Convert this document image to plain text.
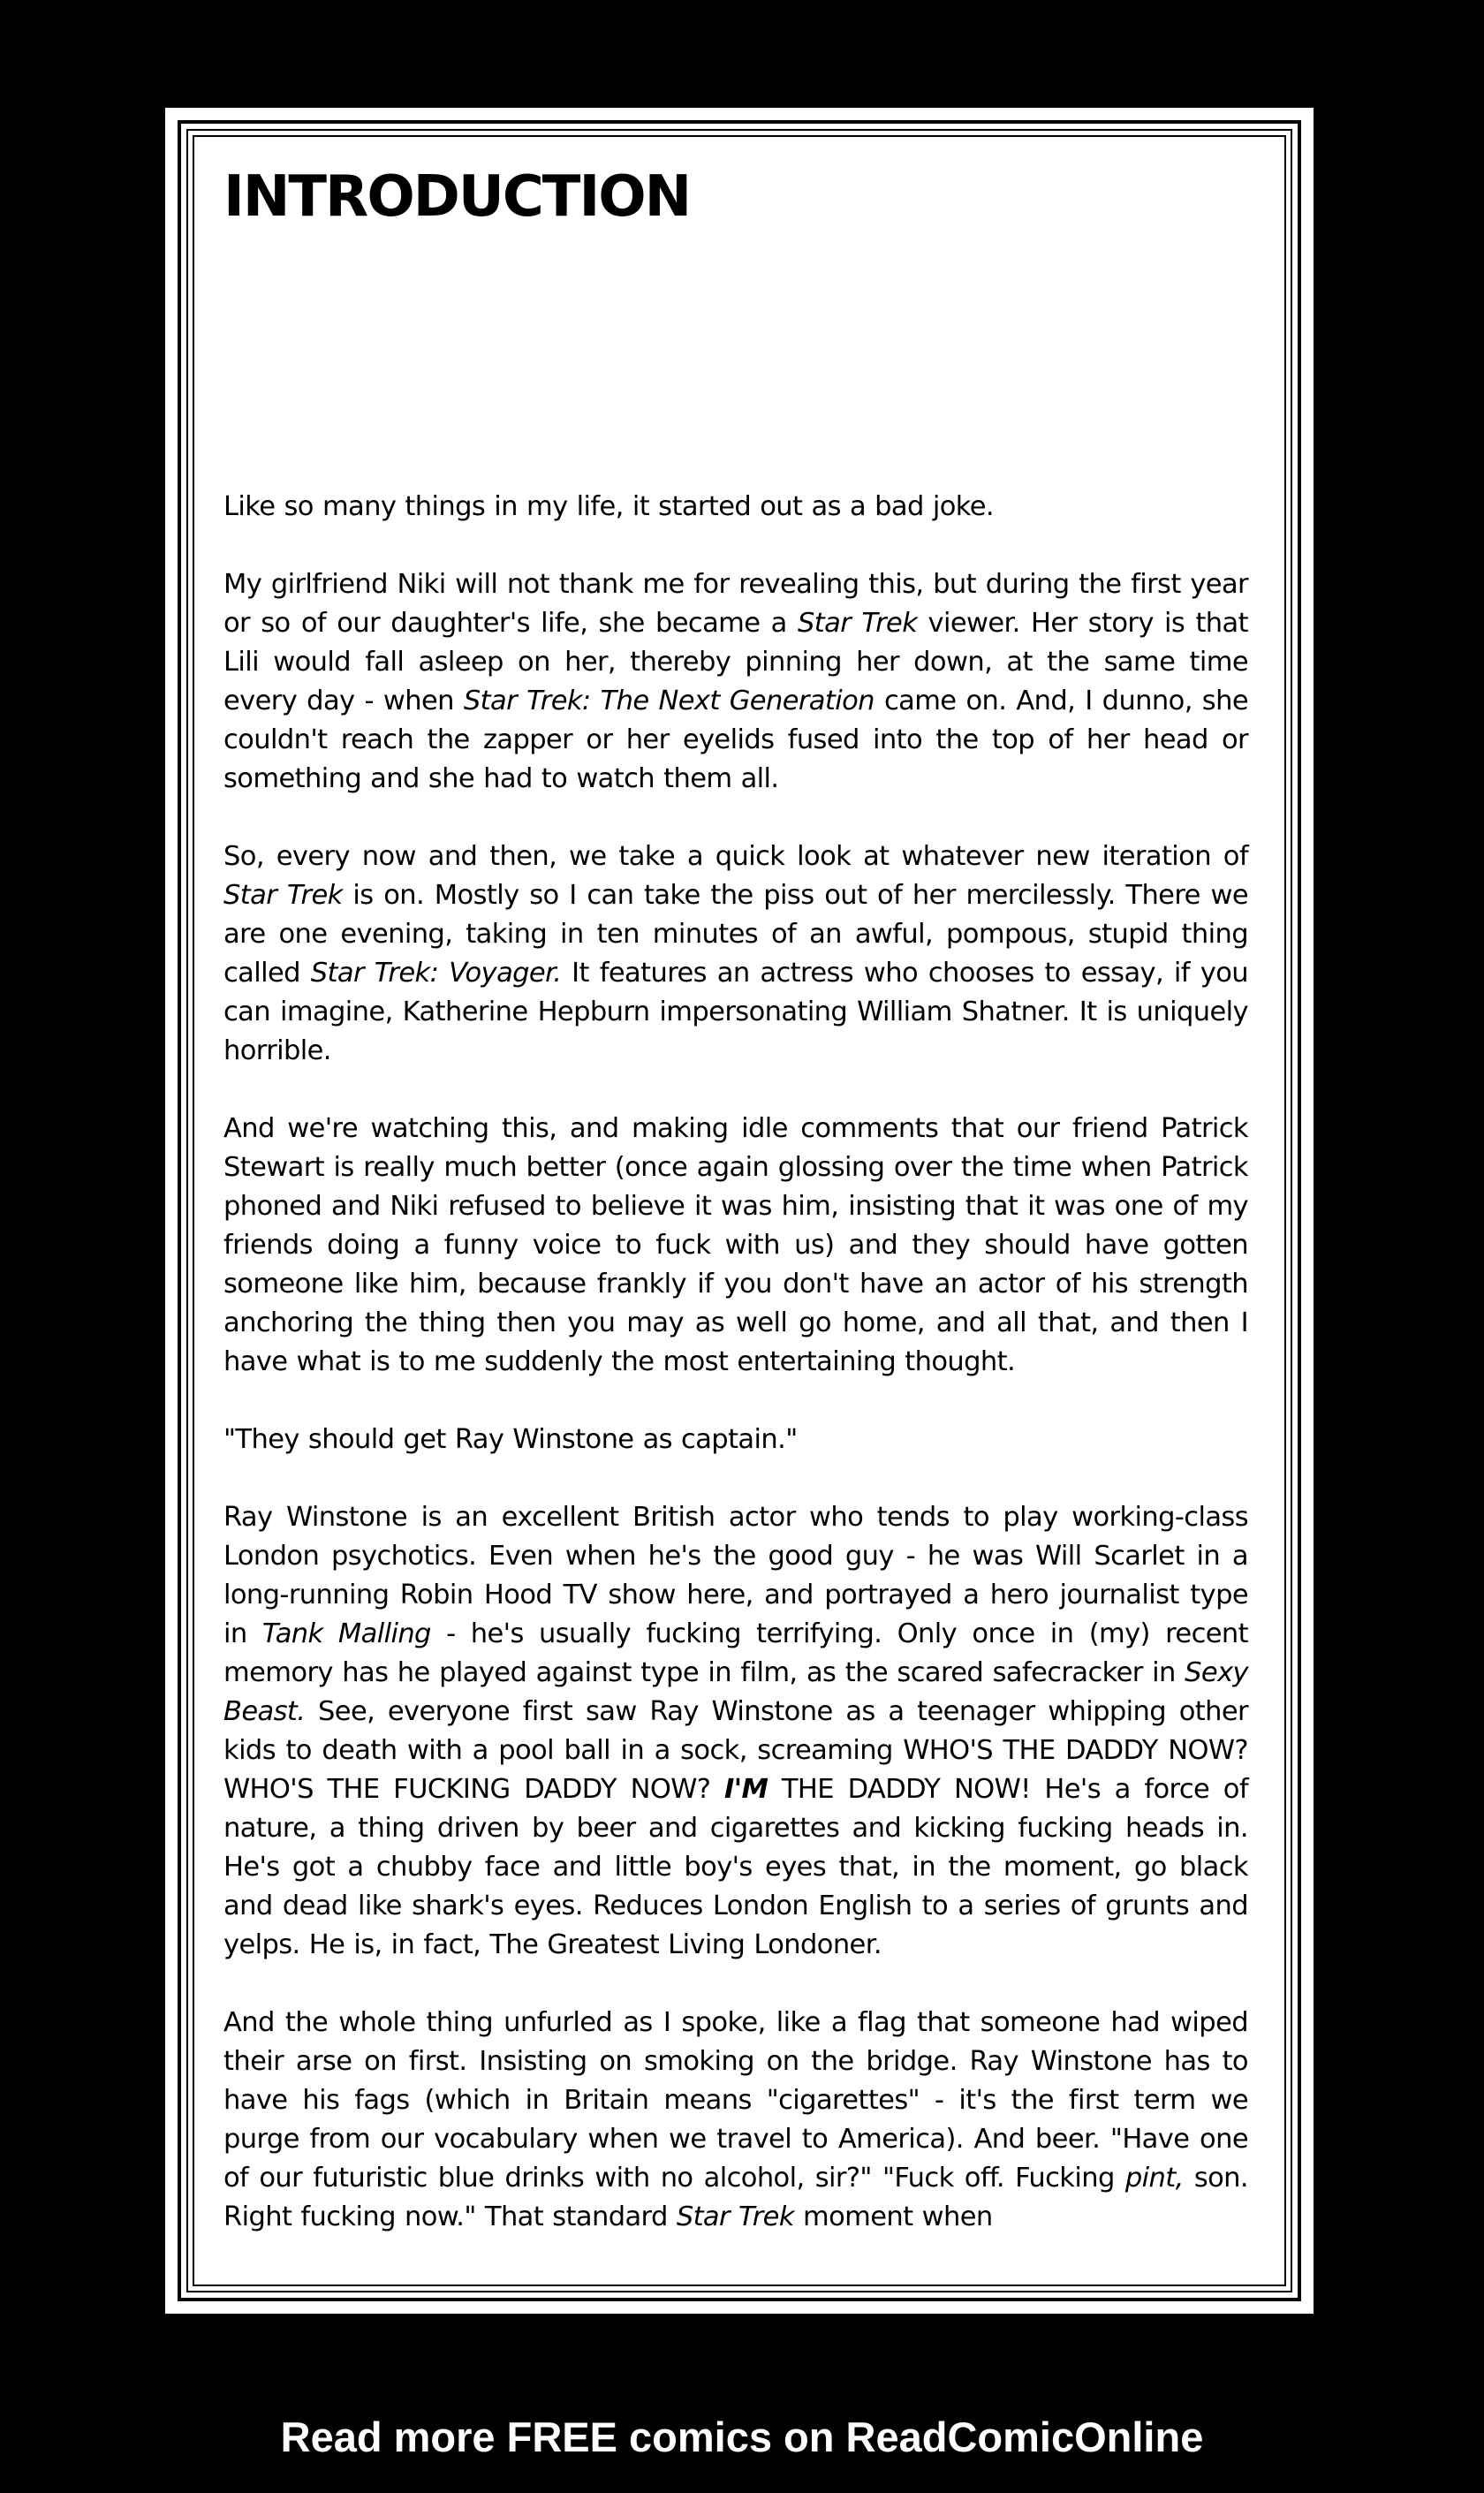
INTRODUCTION

Like so many things in my life, it started out as a bad joke.

My girlfriend Niki will not thank me for revealing this, but during the first year or so of our daughter's life, she became a Star Trek viewer. Her story is that Lili would fall asleep on her, thereby pinning her down, at the same time every day - when Star Trek: The Next Generation came on. And, I dunno, she couldn't reach the zapper or her eyelids fused into the top of her head or something and she had to watch them all.

So, every now and then, we take a quick look at whatever new iteration of Star Trek is on. Mostly so I can take the piss out of her mercilessly. There we are one evening, taking in ten minutes of an awful, pompous, stupid thing called Star Trek: Voyager. It features an actress who chooses to essay, if you can imagine, Katherine Hepburn impersonating William Shatner. It is uniquely horrible.

And we're watching this, and making idle comments that our friend Patrick Stewart is really much better (once again glossing over the time when Patrick phoned and Niki refused to believe it was him, insisting that it was one of my friends doing a funny voice to fuck with us) and they should have gotten someone like him, because frankly if you don't have an actor of his strength anchoring the thing then you may as well go home, and all that, and then I have what is to me suddenly the most entertaining thought.

"They should get Ray Winstone as captain."

Ray Winstone is an excellent British actor who tends to play working-class London psychotics. Even when he's the good guy - he was Will Scarlet in a long-running Robin Hood TV show here, and portrayed a hero journalist type in Tank Malling - he's usually fucking terrifying. Only once in (my) recent memory has he played against type in film, as the scared safecracker in Sexy Beast. See, everyone first saw Ray Winstone as a teenager whipping other kids to death with a pool ball in a sock, screaming WHO'S THE DADDY NOW? WHO'S THE FUCKING DADDY NOW? I'M THE DADDY NOW! He's a force of nature, a thing driven by beer and cigarettes and kicking fucking heads in. He's got a chubby face and little boy's eyes that, in the moment, go black and dead like shark's eyes. Reduces London English to a series of grunts and yelps. He is, in fact, The Greatest Living Londoner.

And the whole thing unfurled as I spoke, like a flag that someone had wiped their arse on first. Insisting on smoking on the bridge. Ray Winstone has to have his fags (which in Britain means "cigarettes" - it's the first term we purge from our vocabulary when we travel to America). And beer. "Have one of our futuristic blue drinks with no alcohol, sir?" "Fuck off. Fucking pint, son. Right fucking now." That standard Star Trek moment when

Read more FREE comics on ReadComicOnline
